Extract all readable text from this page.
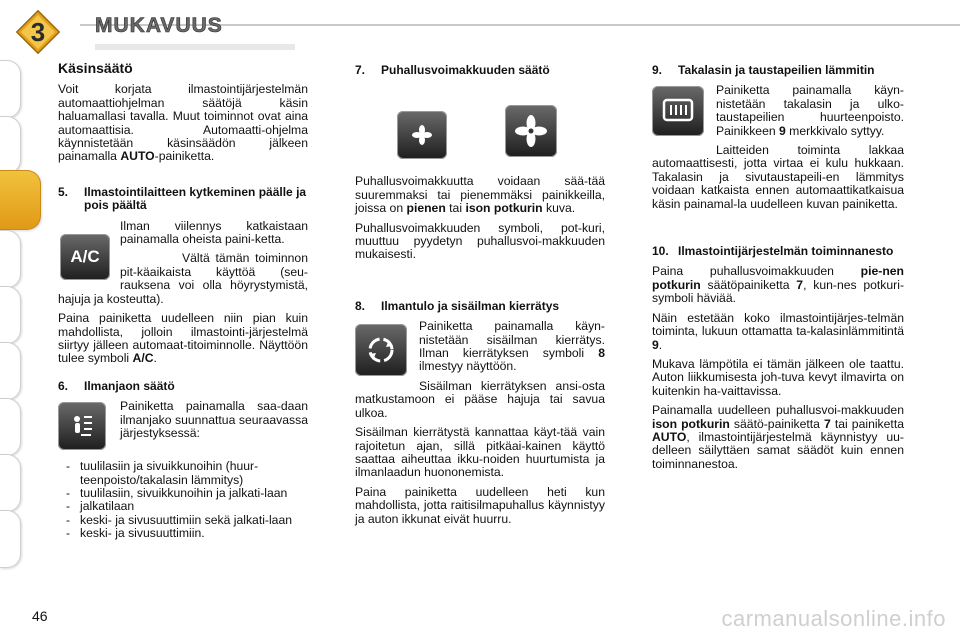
3 MUKAVUUS
Käsinsäätö

Voit korjata ilmastointijärjestelmän automaattiohjelman säätöjä käsin haluamallasi tavalla. Muut toiminnot ovat aina automaattisia. Automaatti-ohjelma käynnistetään käsinsäädön jälkeen painamalla AUTO-painiketta.

5. Ilmastointilaitteen kytkeminen päälle ja pois päältä
A/C

Ilman viilennys katkaistaan painamalla oheista paini-ketta.

Vältä tämän toiminnon pit-käaikaista käyttöä (seu-rauksena voi olla höyrystymistä, hajuja ja kosteutta).

Paina painiketta uudelleen niin pian kuin mahdollista, jolloin ilmastointi-järjestelmä siirtyy jälleen automaat-titoiminnolle. Näyttöön tulee symboli A/C.

6. Ilmanjaon säätö

Painiketta painamalla saa-daan ilmanjako suunnattua seuraavassa järjestyksessä:

- tuulilasiin ja sivuikkunoihin (huur-teenpoisto/takalasin lämmitys)
- tuulilasiin, sivuikkunoihin ja jalkati-laan
- jalkatilaan
- keski- ja sivusuuttimiin sekä jalkati-laan
- keski- ja sivusuuttimiin.
7. Puhallusvoimakkuuden säätö

Puhallusvoimakkuutta voidaan sää-tää suuremmaksi tai pienemmäksi painikkeilla, joissa on pienen tai ison potkurin kuva.

Puhallusvoimakkuuden symboli, pot-kuri, muuttuu pyydetyn puhallusvoi-makkuuden mukaisesti.

8. Ilmantulo ja sisäilman kierrätys

Painiketta painamalla käyn-nistetään sisäilman kierrätys. Ilman kierrätyksen symboli 8 ilmestyy näyttöön.

Sisäilman kierrätyksen ansi-osta matkustamoon ei pääse hajuja tai savua ulkoa.

Sisäilman kierrätystä kannattaa käyt-tää vain rajoitetun ajan, sillä pitkäai-kainen käyttö saattaa aiheuttaa ikku-noiden huurtumista ja ilmanlaadun huononemista.

Paina painiketta uudelleen heti kun mahdollista, jotta raitisilmapuhallus käynnistyy ja auton ikkunat eivät huurru.

9. Takalasin ja taustapeilien lämmitin

Painiketta painamalla käyn-nistetään takalasin ja ulko-taustapeilien huurteenpoisto. Painikkeen 9 merkkivalo syttyy.

Laitteiden toiminta lakkaa automaattisesti, jotta virtaa ei kulu hukkaan. Takalasin ja sivutaustapeili-en lämmitys voidaan katkaista ennen automaattikatkaisua käsin painamal-la uudelleen kuvan painiketta.

10. Ilmastointijärjestelmän toiminnanesto

Paina puhallusvoimakkuuden pie-nen potkurin säätöpainiketta 7, kun-nes potkuri-symboli häviää.

Näin estetään koko ilmastointijärjes-telmän toiminta, lukuun ottamatta ta-kalasinlämmitintä 9.

Mukava lämpötila ei tämän jälkeen ole taattu. Auton liikkumisesta joh-tuva kevyt ilmavirta on kuitenkin ha-vaittavissa.

Painamalla uudelleen puhallusvoi-makkuuden ison potkurin säätö-painiketta 7 tai painiketta AUTO, ilmastointijärjestelmä käynnistyy uu-delleen säilyttäen samat säädöt kuin ennen toiminnanestoa.

46	carmanualsonline.info
